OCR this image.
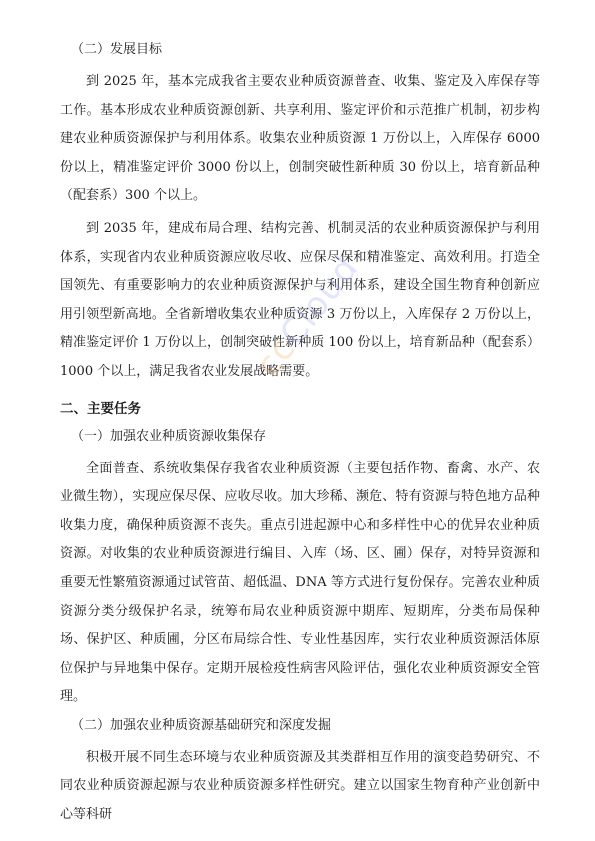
（二）发展目标

到 2025 年，基本完成我省主要农业种质资源普查、收集、鉴定及入库保存等工作。基本形成农业种质资源创新、共享利用、鉴定评价和示范推广机制，初步构建农业种质资源保护与利用体系。收集农业种质资源 1 万份以上，入库保存 6000 份以上，精准鉴定评价 3000 份以上，创制突破性新种质 30 份以上，培育新品种（配套系）300 个以上。

到 2035 年，建成布局合理、结构完善、机制灵活的农业种质资源保护与利用体系，实现省内农业种质资源应收尽收、应保尽保和精准鉴定、高效利用。打造全国领先、有重要影响力的农业种质资源保护与利用体系，建设全国生物育种创新应用引领型新高地。全省新增收集农业种质资源 3 万份以上，入库保存 2 万份以上，精准鉴定评价 1 万份以上，创制突破性新种质 100 份以上，培育新品种（配套系）1000 个以上，满足我省农业发展战略需要。

二、主要任务

（一）加强农业种质资源收集保存

全面普查、系统收集保存我省农业种质资源（主要包括作物、畜禽、水产、农业微生物），实现应保尽保、应收尽收。加大珍稀、濒危、特有资源与特色地方品种收集力度，确保种质资源不丧失。重点引进起源中心和多样性中心的优异农业种质资源。对收集的农业种质资源进行编目、入库（场、区、圃）保存，对特异资源和重要无性繁殖资源通过试管苗、超低温、DNA 等方式进行复份保存。完善农业种质资源分类分级保护名录，统筹布局农业种质资源中期库、短期库，分类布局保种场、保护区、种质圃，分区布局综合性、专业性基因库，实行农业种质资源活体原位保护与异地集中保存。定期开展检疫性病害风险评估，强化农业种质资源安全管理。

（二）加强农业种质资源基础研究和深度发掘

积极开展不同生态环境与农业种质资源及其类群相互作用的演变趋势研究、不同农业种质资源起源与农业种质资源多样性研究。建立以国家生物育种产业创新中心等科研

ccCloud
